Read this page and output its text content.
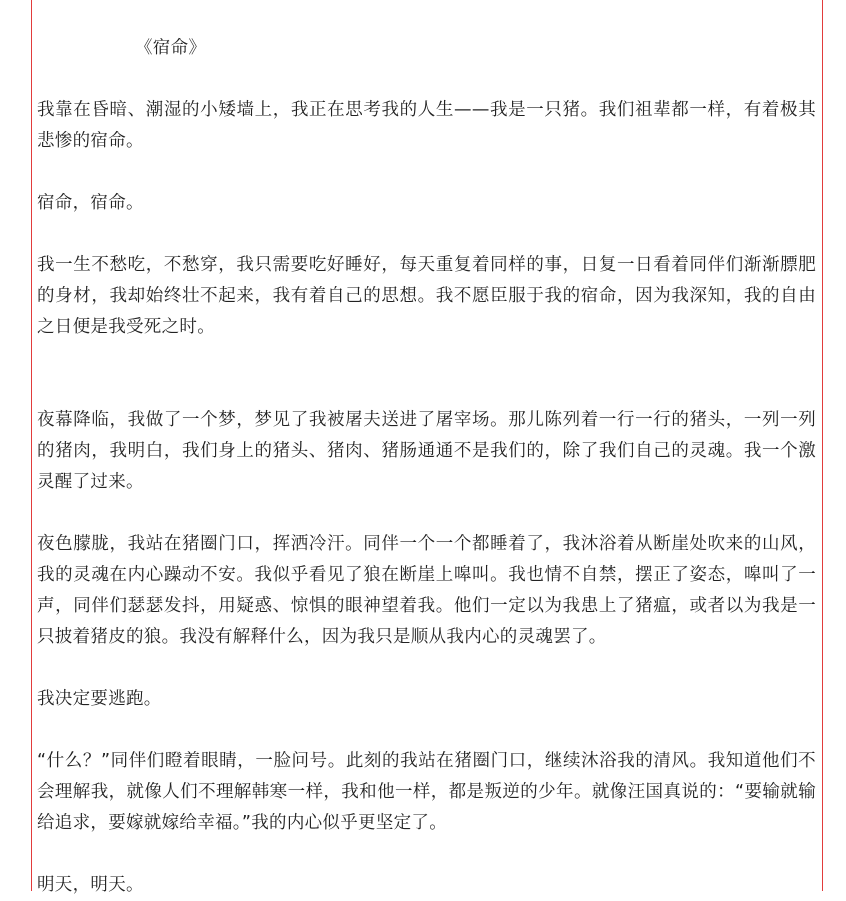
《宿命》

我靠在昏暗、潮湿的小矮墙上，我正在思考我的人生——我是一只猪。我们祖辈都一样，有着极其悲惨的宿命。

宿命，宿命。

我一生不愁吃，不愁穿，我只需要吃好睡好，每天重复着同样的事，日复一日看着同伴们渐渐膘肥的身材，我却始终壮不起来，我有着自己的思想。我不愿臣服于我的宿命，因为我深知，我的自由之日便是我受死之时。

夜幕降临，我做了一个梦，梦见了我被屠夫送进了屠宰场。那儿陈列着一行一行的猪头，一列一列的猪肉，我明白，我们身上的猪头、猪肉、猪肠通通不是我们的，除了我们自己的灵魂。我一个激灵醒了过来。

夜色朦胧，我站在猪圈门口，挥洒冷汗。同伴一个一个都睡着了，我沐浴着从断崖处吹来的山风，我的灵魂在内心躁动不安。我似乎看见了狼在断崖上嗥叫。我也情不自禁，摆正了姿态，嗥叫了一声，同伴们瑟瑟发抖，用疑惑、惊惧的眼神望着我。他们一定以为我患上了猪瘟，或者以为我是一只披着猪皮的狼。我没有解释什么，因为我只是顺从我内心的灵魂罢了。

我决定要逃跑。

“什么？”同伴们瞪着眼睛，一脸问号。此刻的我站在猪圈门口，继续沐浴我的清风。我知道他们不会理解我，就像人们不理解韩寒一样，我和他一样，都是叛逆的少年。就像汪国真说的：“要输就输给追求，要嫁就嫁给幸福。”我的内心似乎更坚定了。

明天，明天。
